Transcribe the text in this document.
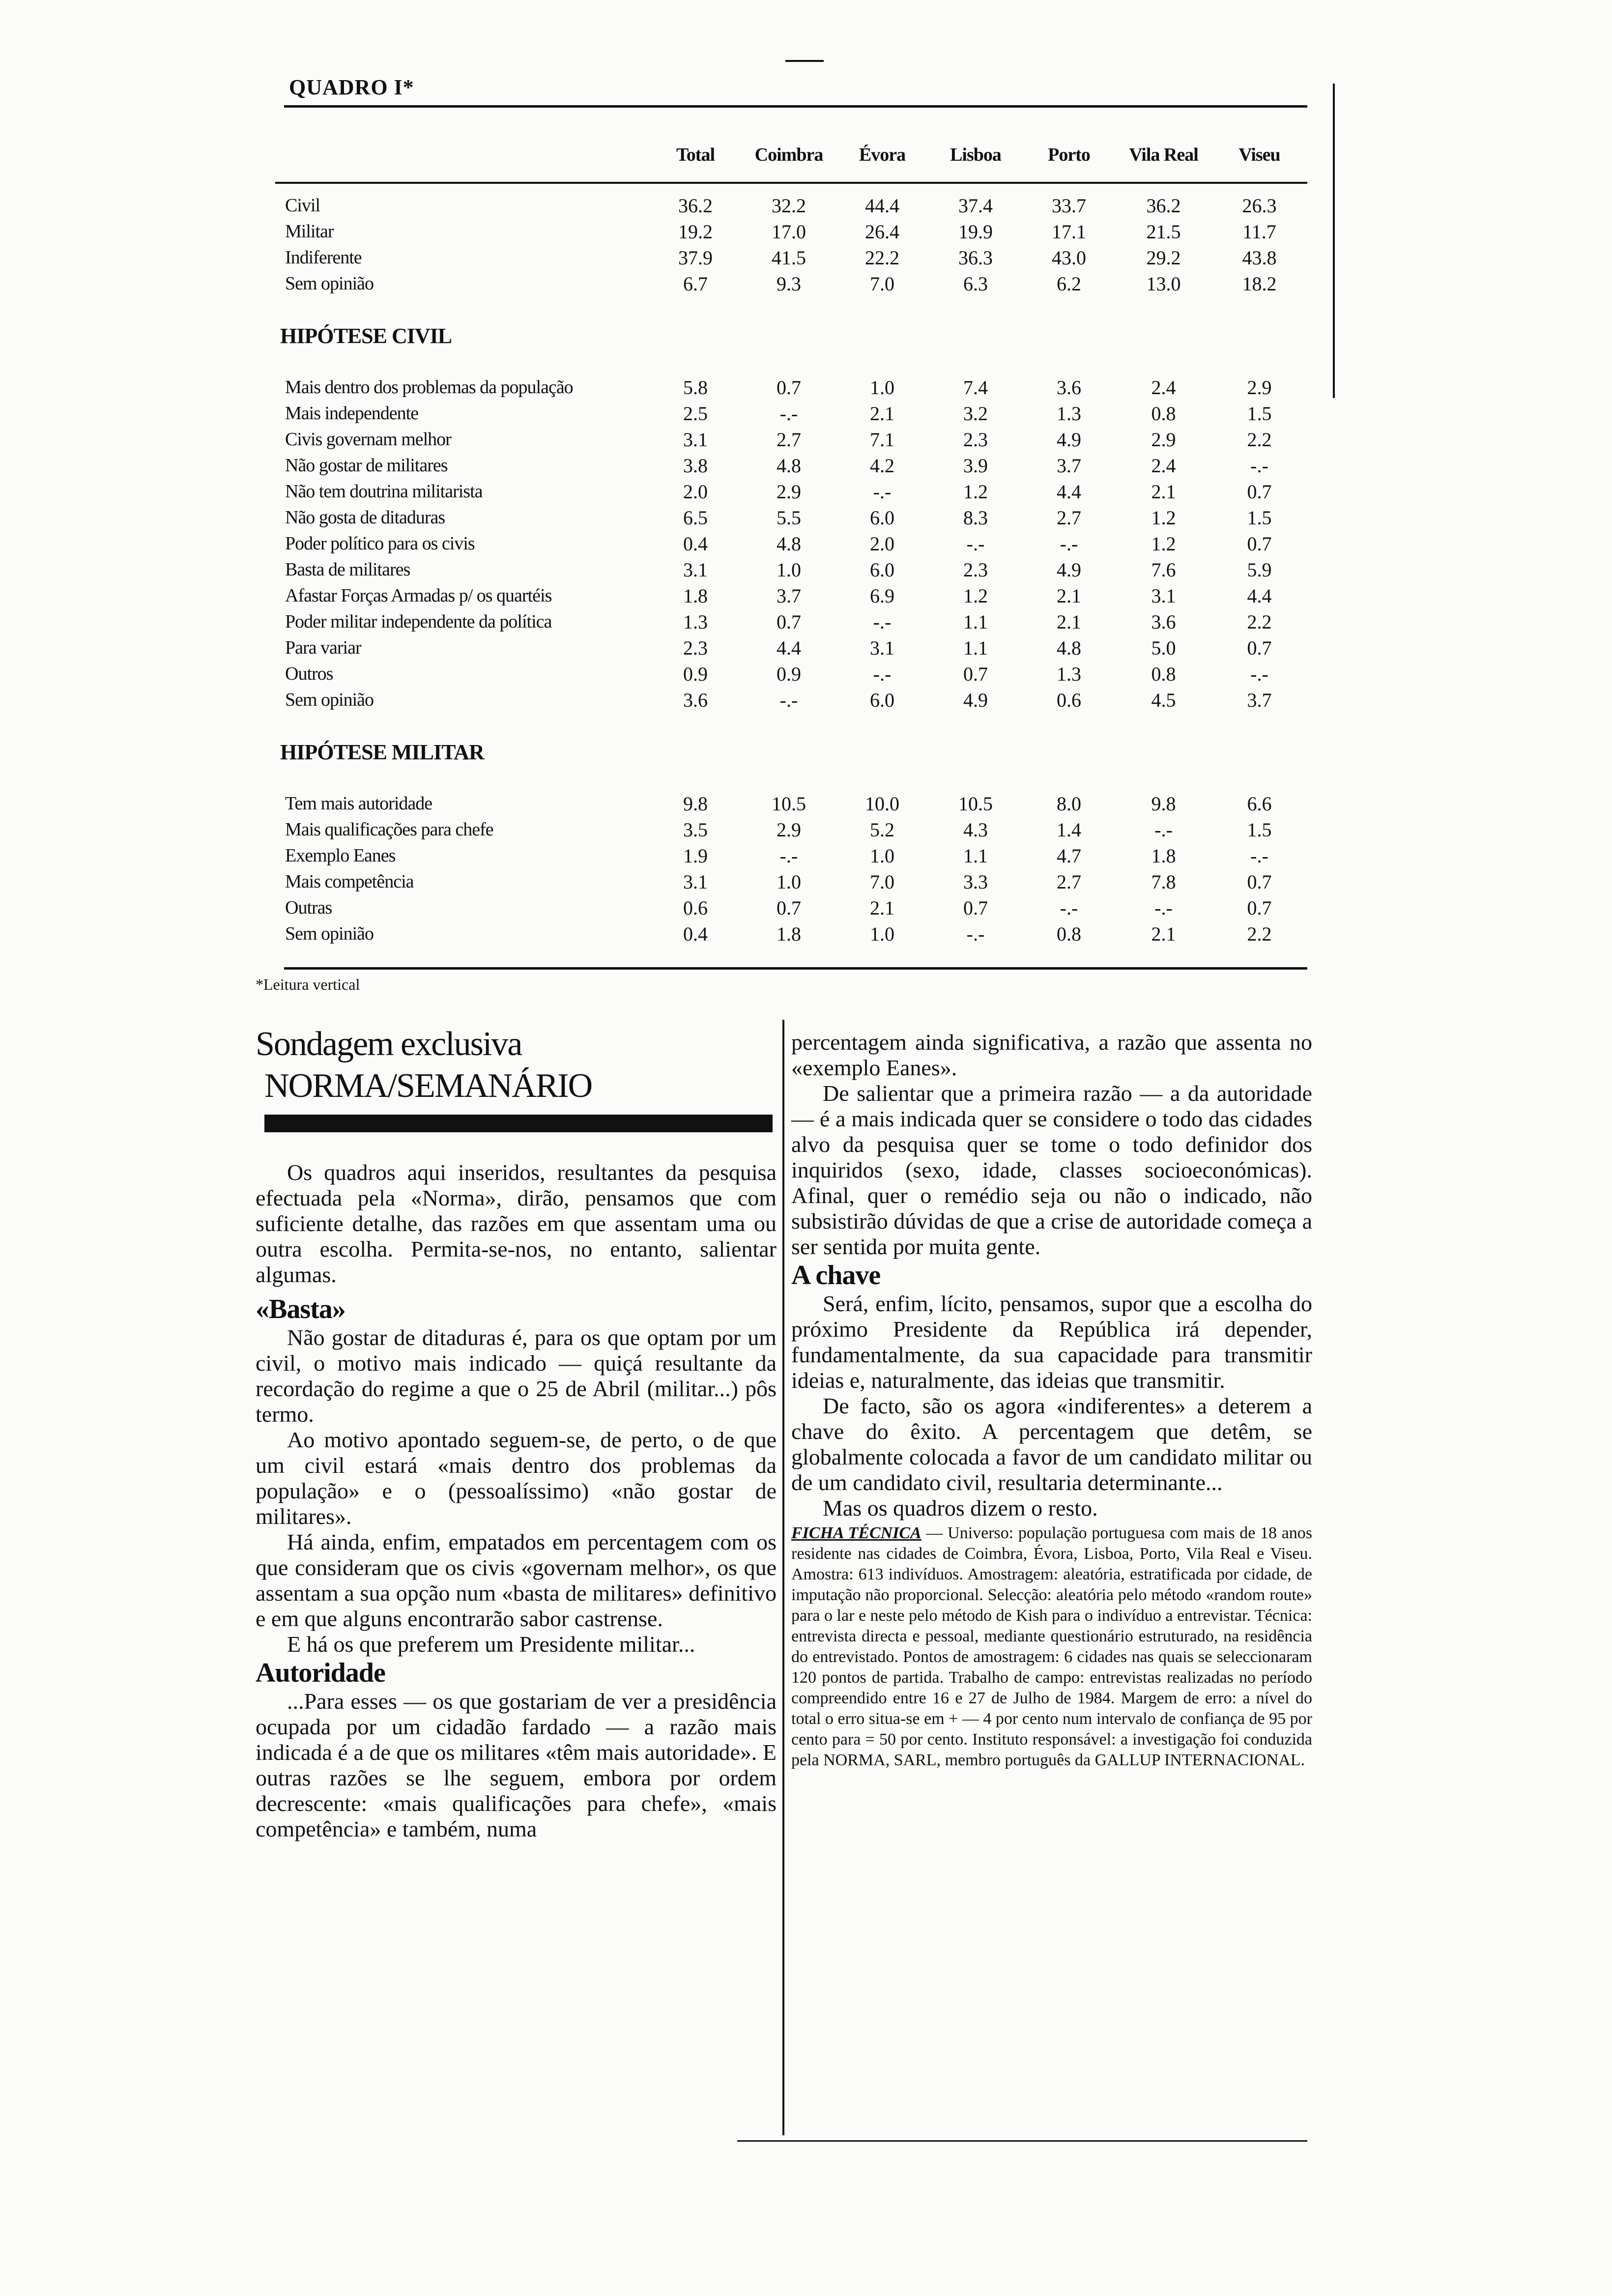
QUADRO I*
	Total	Coimbra	Évora	Lisboa	Porto	Vila Real	Viseu

Civil	36.2	32.2	44.4	37.4	33.7	36.2	26.3
Militar	19.2	17.0	26.4	19.9	17.1	21.5	11.7
Indiferente	37.9	41.5	22.2	36.3	43.0	29.2	43.8
Sem opinião	6.7	9.3	7.0	6.3	6.2	13.0	18.2
HIPÓTESE CIVIL							
Mais dentro dos problemas da população	5.8	0.7	1.0	7.4	3.6	2.4	2.9
Mais independente	2.5	-.-	2.1	3.2	1.3	0.8	1.5
Civis governam melhor	3.1	2.7	7.1	2.3	4.9	2.9	2.2
Não gostar de militares	3.8	4.8	4.2	3.9	3.7	2.4	-.-
Não tem doutrina militarista	2.0	2.9	-.-	1.2	4.4	2.1	0.7
Não gosta de ditaduras	6.5	5.5	6.0	8.3	2.7	1.2	1.5
Poder político para os civis	0.4	4.8	2.0	-.-	-.-	1.2	0.7
Basta de militares	3.1	1.0	6.0	2.3	4.9	7.6	5.9
Afastar Forças Armadas p/ os quartéis	1.8	3.7	6.9	1.2	2.1	3.1	4.4
Poder militar independente da política	1.3	0.7	-.-	1.1	2.1	3.6	2.2
Para variar	2.3	4.4	3.1	1.1	4.8	5.0	0.7
Outros	0.9	0.9	-.-	0.7	1.3	0.8	-.-
Sem opinião	3.6	-.-	6.0	4.9	0.6	4.5	3.7
HIPÓTESE MILITAR							
Tem mais autoridade	9.8	10.5	10.0	10.5	8.0	9.8	6.6
Mais qualificações para chefe	3.5	2.9	5.2	4.3	1.4	-.-	1.5
Exemplo Eanes	1.9	-.-	1.0	1.1	4.7	1.8	-.-
Mais competência	3.1	1.0	7.0	3.3	2.7	7.8	0.7
Outras	0.6	0.7	2.1	0.7	-.-	-.-	0.7
Sem opinião	0.4	1.8	1.0	-.-	0.8	2.1	2.2
*Leitura vertical
Sondagem exclusiva
NORMA/SEMANÁRIO

Os quadros aqui inseridos, resultantes da pesquisa efectuada pela «Norma», dirão, pensamos que com suficiente detalhe, das razões em que assentam uma ou outra escolha. Permita-se-nos, no entanto, salientar algumas.

«Basta»

Não gostar de ditaduras é, para os que optam por um civil, o motivo mais indicado — quiçá resultante da recordação do regime a que o 25 de Abril (militar...) pôs termo.

Ao motivo apontado seguem-se, de perto, o de que um civil estará «mais dentro dos problemas da população» e o (pessoalíssimo) «não gostar de militares».

Há ainda, enfim, empatados em percentagem com os que consideram que os civis «governam melhor», os que assentam a sua opção num «basta de militares» definitivo e em que alguns encontrarão sabor castrense.

E há os que preferem um Presidente militar...

Autoridade

...Para esses — os que gostariam de ver a presidência ocupada por um cidadão fardado — a razão mais indicada é a de que os militares «têm mais autoridade». E outras razões se lhe seguem, embora por ordem decrescente: «mais qualificações para chefe», «mais competência» e também, numa

percentagem ainda significativa, a razão que assenta no «exemplo Eanes».

De salientar que a primeira razão — a da autoridade — é a mais indicada quer se considere o todo das cidades alvo da pesquisa quer se tome o todo definidor dos inquiridos (sexo, idade, classes socioeconómicas). Afinal, quer o remédio seja ou não o indicado, não subsistirão dúvidas de que a crise de autoridade começa a ser sentida por muita gente.

A chave

Será, enfim, lícito, pensamos, supor que a escolha do próximo Presidente da República irá depender, fundamentalmente, da sua capacidade para transmitir ideias e, naturalmente, das ideias que transmitir.

De facto, são os agora «indiferentes» a deterem a chave do êxito. A percentagem que detêm, se globalmente colocada a favor de um candidato militar ou de um candidato civil, resultaria determinante...

Mas os quadros dizem o resto.

FICHA TÉCNICA — Universo: população portuguesa com mais de 18 anos residente nas cidades de Coimbra, Évora, Lisboa, Porto, Vila Real e Viseu. Amostra: 613 indivíduos. Amostragem: aleatória, estratificada por cidade, de imputação não proporcional. Selecção: aleatória pelo método «random route» para o lar e neste pelo método de Kish para o indivíduo a entrevistar. Técnica: entrevista directa e pessoal, mediante questionário estruturado, na residência do entrevistado. Pontos de amostragem: 6 cidades nas quais se seleccionaram 120 pontos de partida. Trabalho de campo: entrevistas realizadas no período compreendido entre 16 e 27 de Julho de 1984. Margem de erro: a nível do total o erro situa-se em + — 4 por cento num intervalo de confiança de 95 por cento para = 50 por cento. Instituto responsável: a investigação foi conduzida pela NORMA, SARL, membro português da GALLUP INTERNACIONAL.
